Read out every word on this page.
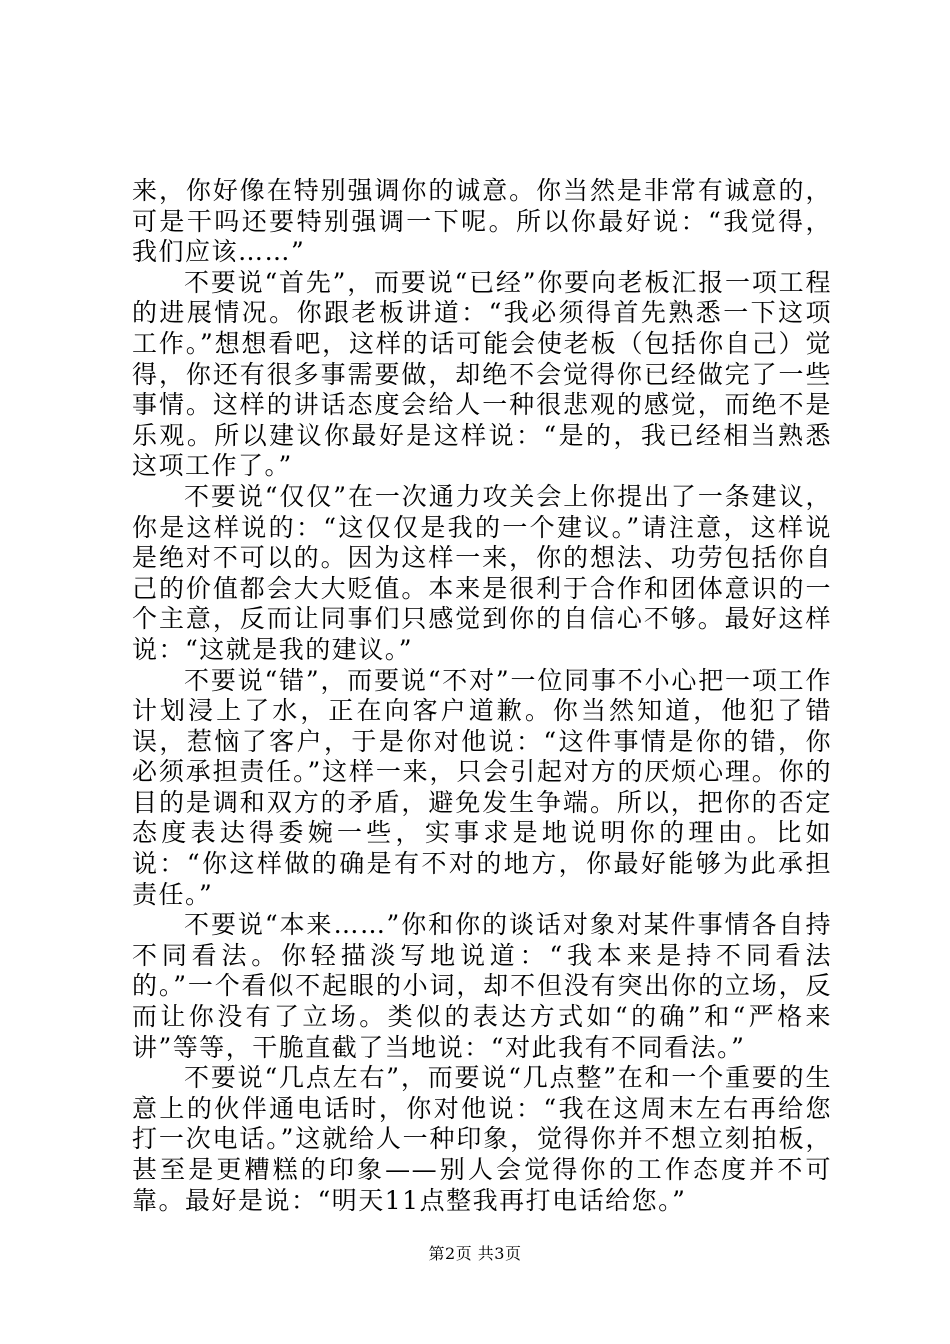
来，你好像在特别强调你的诚意。你当然是非常有诚意的，可是干吗还要特别强调一下呢。所以你最好说：“我觉得，我们应该……”

不要说“首先”，而要说“已经”你要向老板汇报一项工程的进展情况。你跟老板讲道：“我必须得首先熟悉一下这项工作。”想想看吧，这样的话可能会使老板（包括你自己）觉得，你还有很多事需要做，却绝不会觉得你已经做完了一些事情。这样的讲话态度会给人一种很悲观的感觉，而绝不是乐观。所以建议你最好是这样说：“是的，我已经相当熟悉这项工作了。”

不要说“仅仅”在一次通力攻关会上你提出了一条建议，你是这样说的：“这仅仅是我的一个建议。”请注意，这样说是绝对不可以的。因为这样一来，你的想法、功劳包括你自己的价值都会大大贬值。本来是很利于合作和团体意识的一个主意，反而让同事们只感觉到你的自信心不够。最好这样说：“这就是我的建议。”

不要说“错”，而要说“不对”一位同事不小心把一项工作计划浸上了水，正在向客户道歉。你当然知道，他犯了错误，惹恼了客户，于是你对他说：“这件事情是你的错，你必须承担责任。”这样一来，只会引起对方的厌烦心理。你的目的是调和双方的矛盾，避免发生争端。所以，把你的否定态度表达得委婉一些，实事求是地说明你的理由。比如说：“你这样做的确是有不对的地方，你最好能够为此承担责任。”

不要说“本来……”你和你的谈话对象对某件事情各自持不同看法。你轻描淡写地说道：“我本来是持不同看法的。”一个看似不起眼的小词，却不但没有突出你的立场，反而让你没有了立场。类似的表达方式如“的确”和“严格来讲”等等，干脆直截了当地说：“对此我有不同看法。”

不要说“几点左右”，而要说“几点整”在和一个重要的生意上的伙伴通电话时，你对他说：“我在这周末左右再给您打一次电话。”这就给人一种印象，觉得你并不想立刻拍板，甚至是更糟糕的印象——别人会觉得你的工作态度并不可靠。最好是说：“明天11点整我再打电话给您。”

第2页 共3页
